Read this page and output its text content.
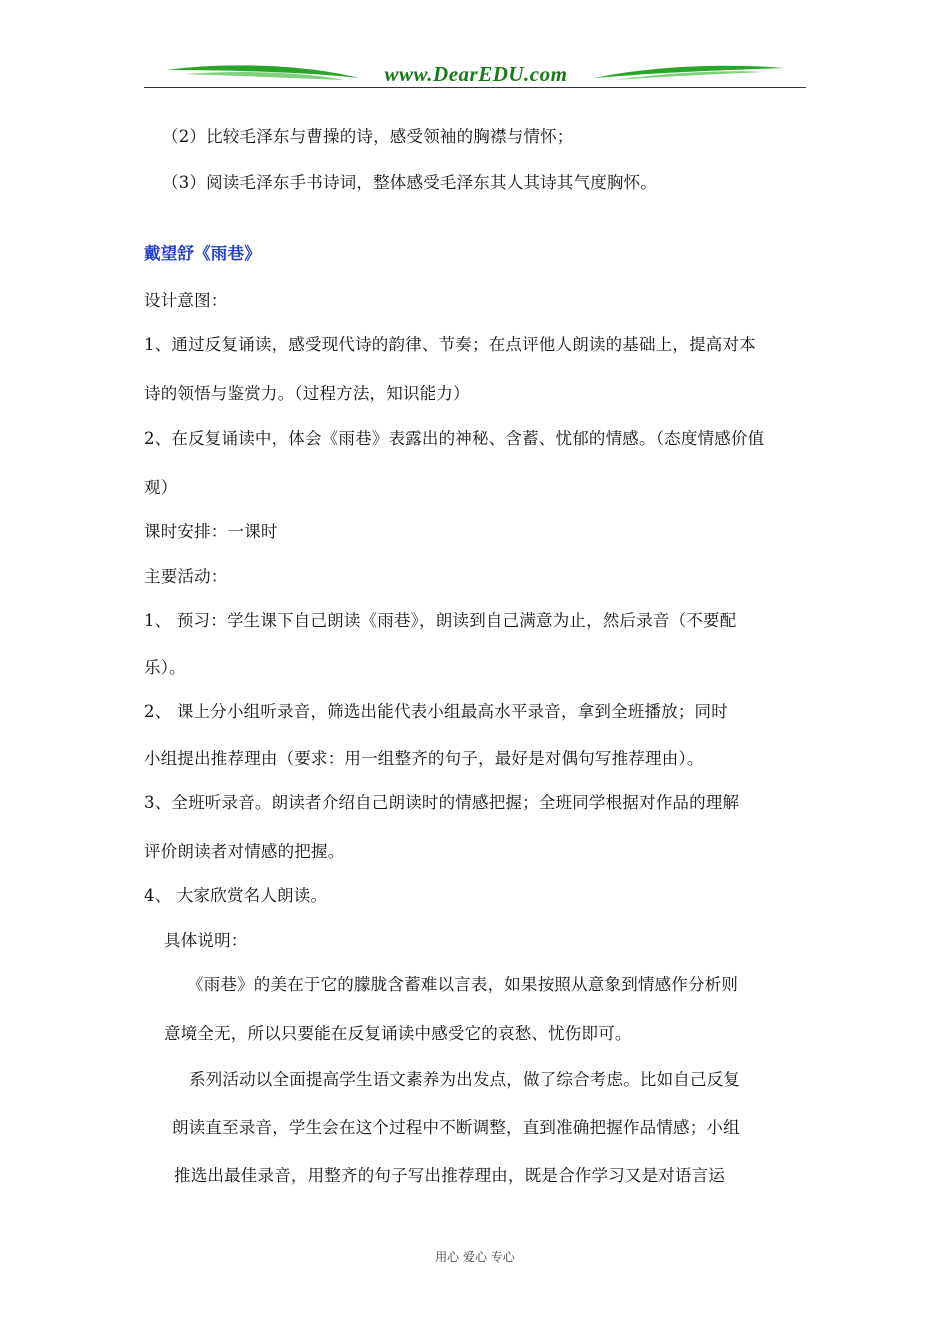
www.DearEDU.com
（2）比较毛泽东与曹操的诗，感受领袖的胸襟与情怀；
（3）阅读毛泽东手书诗词，整体感受毛泽东其人其诗其气度胸怀。
戴望舒《雨巷》
设计意图：
1、通过反复诵读，感受现代诗的韵律、节奏；在点评他人朗读的基础上，提高对本
诗的领悟与鉴赏力。（过程方法，知识能力）
2、在反复诵读中，体会《雨巷》表露出的神秘、含蓄、忧郁的情感。（态度情感价值
观）
课时安排：一课时
主要活动：
1、 预习：学生课下自己朗读《雨巷》，朗读到自己满意为止，然后录音（不要配
乐）。
2、 课上分小组听录音，筛选出能代表小组最高水平录音，拿到全班播放；同时
小组提出推荐理由（要求：用一组整齐的句子，最好是对偶句写推荐理由）。
3、全班听录音。朗读者介绍自己朗读时的情感把握；全班同学根据对作品的理解
评价朗读者对情感的把握。
4、 大家欣赏名人朗读。
具体说明：
《雨巷》的美在于它的朦胧含蓄难以言表，如果按照从意象到情感作分析则
意境全无，所以只要能在反复诵读中感受它的哀愁、忧伤即可。
系列活动以全面提高学生语文素养为出发点，做了综合考虑。比如自己反复
朗读直至录音，学生会在这个过程中不断调整，直到准确把握作品情感；小组
推选出最佳录音，用整齐的句子写出推荐理由，既是合作学习又是对语言运
用心 爱心 专心
